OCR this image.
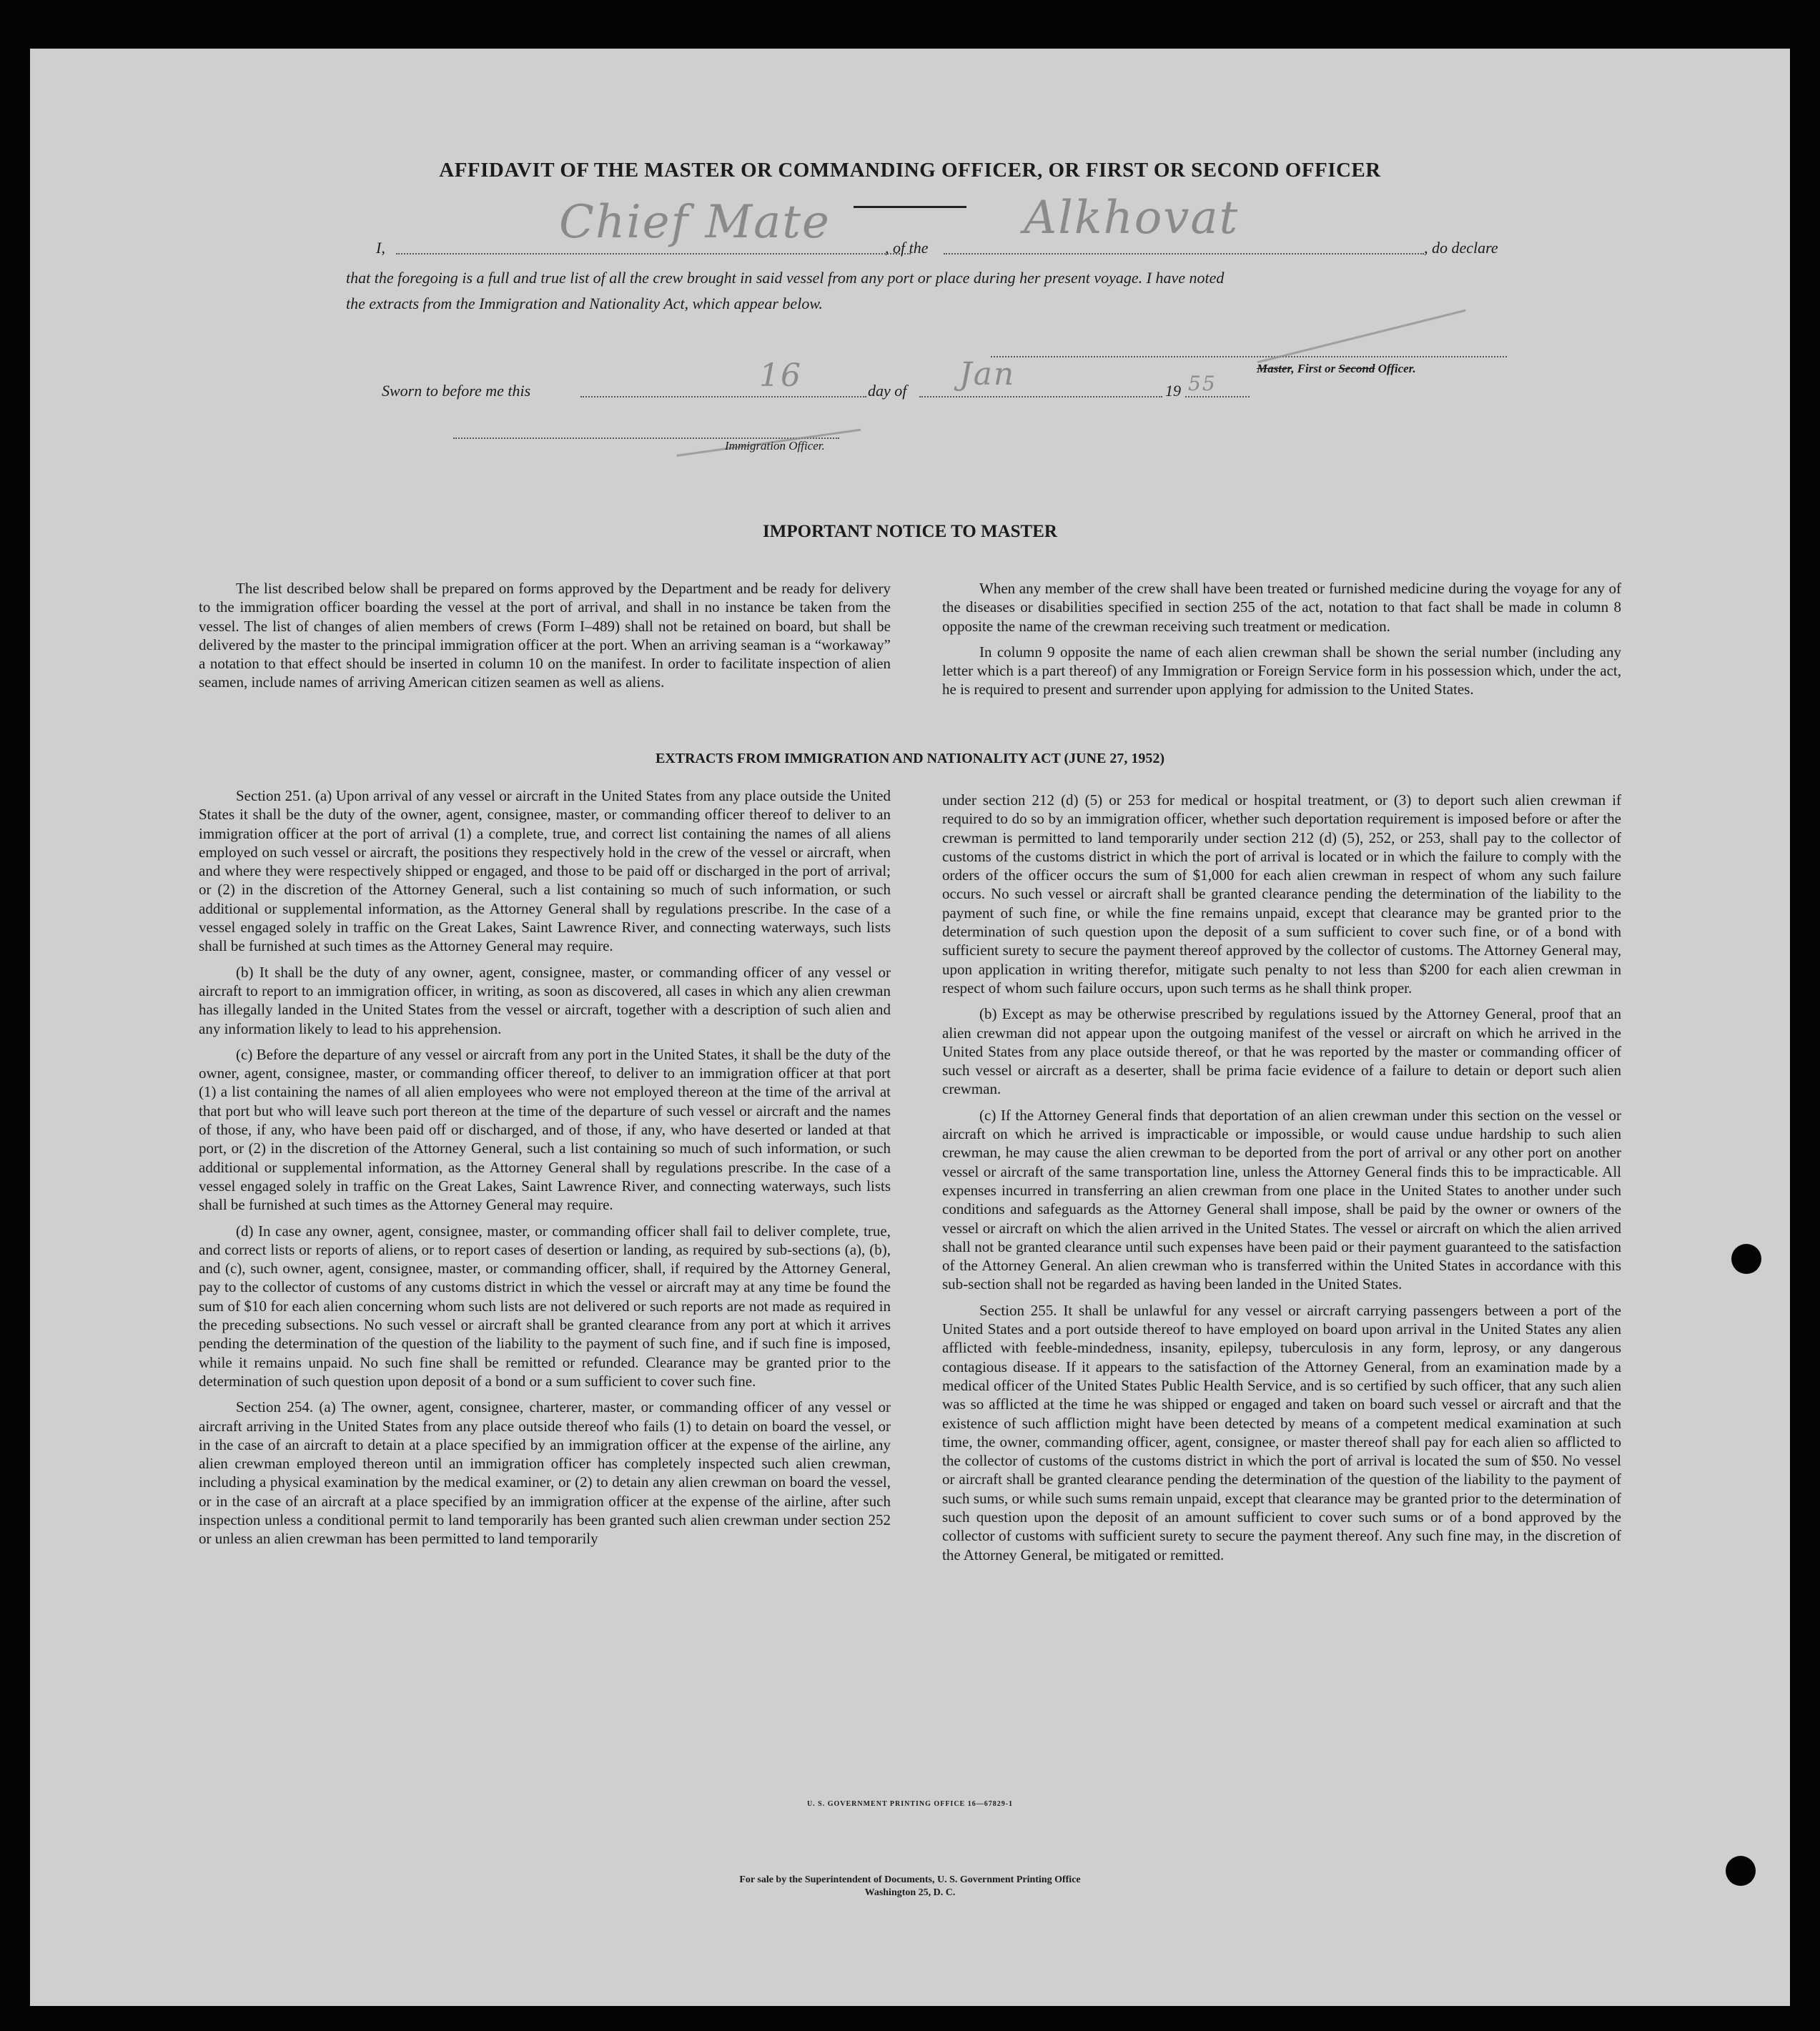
AFFIDAVIT OF THE MASTER OR COMMANDING OFFICER, OR FIRST OR SECOND OFFICER
I,	Chief Mate	, of the
Alkhovat
, do declare
that the foregoing is a full and true list of all the crew brought in said vessel from any port or place during her present voyage. I have noted
the extracts from the Immigration and Nationality Act, which appear below.
Master, First or Second Officer.
Sworn to before me this	16	day of Jan	19 55
Immigration Officer.
IMPORTANT NOTICE TO MASTER

The list described below shall be prepared on forms approved by the Department and be ready for delivery to the immigration officer boarding the vessel at the port of arrival, and shall in no instance be taken from the vessel. The list of changes of alien members of crews (Form I–489) shall not be retained on board, but shall be delivered by the master to the principal immigration officer at the port. When an arriving seaman is a “workaway” a notation to that effect should be inserted in column 10 on the manifest. In order to facilitate inspection of alien seamen, include names of arriving American citizen seamen as well as aliens.

When any member of the crew shall have been treated or furnished medicine during the voyage for any of the diseases or disabilities specified in section 255 of the act, notation to that fact shall be made in column 8 opposite the name of the crewman receiving such treatment or medication.

In column 9 opposite the name of each alien crewman shall be shown the serial number (including any letter which is a part thereof) of any Immigration or Foreign Service form in his possession which, under the act, he is required to present and surrender upon applying for admission to the United States.

EXTRACTS FROM IMMIGRATION AND NATIONALITY ACT (JUNE 27, 1952)

Section 251. (a) Upon arrival of any vessel or aircraft in the United States from any place outside the United States it shall be the duty of the owner, agent, consignee, master, or commanding officer thereof to deliver to an immigration officer at the port of arrival (1) a complete, true, and correct list containing the names of all aliens employed on such vessel or aircraft, the positions they respectively hold in the crew of the vessel or aircraft, when and where they were respectively shipped or engaged, and those to be paid off or discharged in the port of arrival; or (2) in the discretion of the Attorney General, such a list containing so much of such information, or such additional or supplemental information, as the Attorney General shall by regulations prescribe. In the case of a vessel engaged solely in traffic on the Great Lakes, Saint Lawrence River, and connecting waterways, such lists shall be furnished at such times as the Attorney General may require.

(b) It shall be the duty of any owner, agent, consignee, master, or commanding officer of any vessel or aircraft to report to an immigration officer, in writing, as soon as discovered, all cases in which any alien crewman has illegally landed in the United States from the vessel or aircraft, together with a description of such alien and any information likely to lead to his apprehension.

(c) Before the departure of any vessel or aircraft from any port in the United States, it shall be the duty of the owner, agent, consignee, master, or commanding officer thereof, to deliver to an immigration officer at that port (1) a list containing the names of all alien employees who were not employed thereon at the time of the arrival at that port but who will leave such port thereon at the time of the departure of such vessel or aircraft and the names of those, if any, who have been paid off or discharged, and of those, if any, who have deserted or landed at that port, or (2) in the discretion of the Attorney General, such a list containing so much of such information, or such additional or supplemental information, as the Attorney General shall by regulations prescribe. In the case of a vessel engaged solely in traffic on the Great Lakes, Saint Lawrence River, and connecting waterways, such lists shall be furnished at such times as the Attorney General may require.

(d) In case any owner, agent, consignee, master, or commanding officer shall fail to deliver complete, true, and correct lists or reports of aliens, or to report cases of desertion or landing, as required by sub-sections (a), (b), and (c), such owner, agent, consignee, master, or commanding officer, shall, if required by the Attorney General, pay to the collector of customs of any customs district in which the vessel or aircraft may at any time be found the sum of $10 for each alien concerning whom such lists are not delivered or such reports are not made as required in the preceding subsections. No such vessel or aircraft shall be granted clearance from any port at which it arrives pending the determination of the question of the liability to the payment of such fine, and if such fine is imposed, while it remains unpaid. No such fine shall be remitted or refunded. Clearance may be granted prior to the determination of such question upon deposit of a bond or a sum sufficient to cover such fine.

Section 254. (a) The owner, agent, consignee, charterer, master, or commanding officer of any vessel or aircraft arriving in the United States from any place outside thereof who fails (1) to detain on board the vessel, or in the case of an aircraft to detain at a place specified by an immigration officer at the expense of the airline, any alien crewman employed thereon until an immigration officer has completely inspected such alien crewman, including a physical examination by the medical examiner, or (2) to detain any alien crewman on board the vessel, or in the case of an aircraft at a place specified by an immigration officer at the expense of the airline, after such inspection unless a conditional permit to land temporarily has been granted such alien crewman under section 252 or unless an alien crewman has been permitted to land temporarily

under section 212 (d) (5) or 253 for medical or hospital treatment, or (3) to deport such alien crewman if required to do so by an immigration officer, whether such deportation requirement is imposed before or after the crewman is permitted to land temporarily under section 212 (d) (5), 252, or 253, shall pay to the collector of customs of the customs district in which the port of arrival is located or in which the failure to comply with the orders of the officer occurs the sum of $1,000 for each alien crewman in respect of whom any such failure occurs. No such vessel or aircraft shall be granted clearance pending the determination of the liability to the payment of such fine, or while the fine remains unpaid, except that clearance may be granted prior to the determination of such question upon the deposit of a sum sufficient to cover such fine, or of a bond with sufficient surety to secure the payment thereof approved by the collector of customs. The Attorney General may, upon application in writing therefor, mitigate such penalty to not less than $200 for each alien crewman in respect of whom such failure occurs, upon such terms as he shall think proper.

(b) Except as may be otherwise prescribed by regulations issued by the Attorney General, proof that an alien crewman did not appear upon the outgoing manifest of the vessel or aircraft on which he arrived in the United States from any place outside thereof, or that he was reported by the master or commanding officer of such vessel or aircraft as a deserter, shall be prima facie evidence of a failure to detain or deport such alien crewman.

(c) If the Attorney General finds that deportation of an alien crewman under this section on the vessel or aircraft on which he arrived is impracticable or impossible, or would cause undue hardship to such alien crewman, he may cause the alien crewman to be deported from the port of arrival or any other port on another vessel or aircraft of the same transportation line, unless the Attorney General finds this to be impracticable. All expenses incurred in transferring an alien crewman from one place in the United States to another under such conditions and safeguards as the Attorney General shall impose, shall be paid by the owner or owners of the vessel or aircraft on which the alien arrived in the United States. The vessel or aircraft on which the alien arrived shall not be granted clearance until such expenses have been paid or their payment guaranteed to the satisfaction of the Attorney General. An alien crewman who is transferred within the United States in accordance with this sub-section shall not be regarded as having been landed in the United States.

Section 255. It shall be unlawful for any vessel or aircraft carrying passengers between a port of the United States and a port outside thereof to have employed on board upon arrival in the United States any alien afflicted with feeble-mindedness, insanity, epilepsy, tuberculosis in any form, leprosy, or any dangerous contagious disease. If it appears to the satisfaction of the Attorney General, from an examination made by a medical officer of the United States Public Health Service, and is so certified by such officer, that any such alien was so afflicted at the time he was shipped or engaged and taken on board such vessel or aircraft and that the existence of such affliction might have been detected by means of a competent medical examination at such time, the owner, commanding officer, agent, consignee, or master thereof shall pay for each alien so afflicted to the collector of customs of the customs district in which the port of arrival is located the sum of $50. No vessel or aircraft shall be granted clearance pending the determination of the question of the liability to the payment of such sums, or while such sums remain unpaid, except that clearance may be granted prior to the determination of such question upon the deposit of an amount sufficient to cover such sums or of a bond approved by the collector of customs with sufficient surety to secure the payment thereof. Any such fine may, in the discretion of the Attorney General, be mitigated or remitted.

U. S. GOVERNMENT PRINTING OFFICE 16—67829-1
For sale by the Superintendent of Documents, U. S. Government Printing Office
Washington 25, D. C.
